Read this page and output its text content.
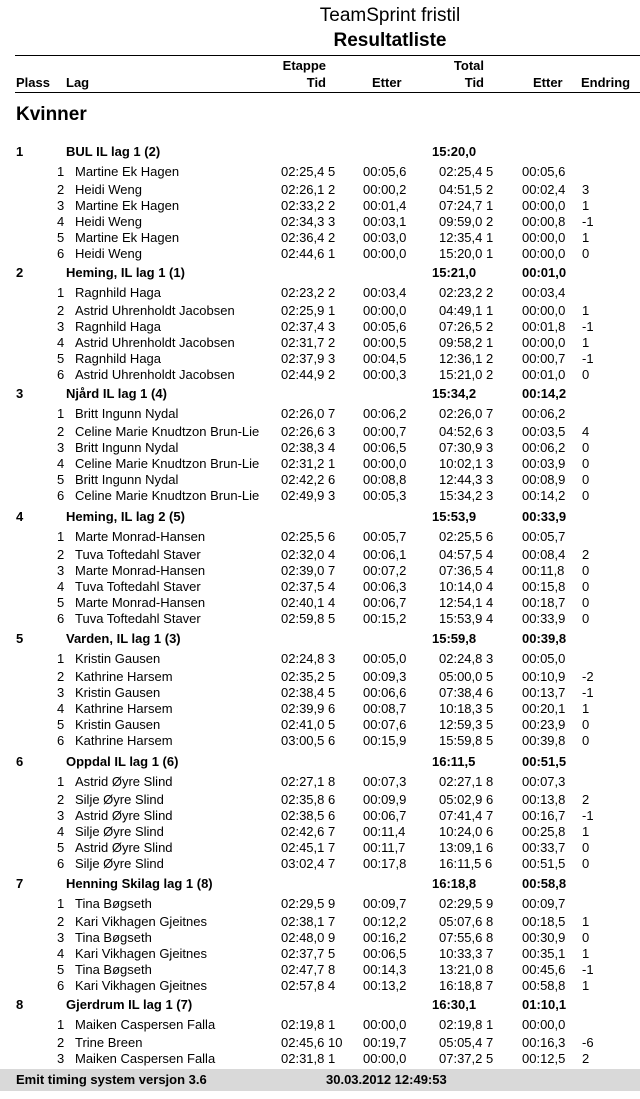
TeamSprint fristil
Resultatliste
Etappe	Total
Plass Lag	Tid	Etter	Tid	Etter Endring
Kvinner
1	BUL IL lag 1 (2)	15:20,0
1 Martine Ek Hagen	02:25,4 5 00:05,6	02:25,4 5 00:05,6
2 Heidi Weng	02:26,1 2 00:00,2	04:51,5 2 00:02,4 3
3 Martine Ek Hagen	02:33,2 2 00:01,4	07:24,7 1 00:00,0 1
4 Heidi Weng	02:34,3 3 00:03,1	09:59,0 2 00:00,8 -1
5 Martine Ek Hagen	02:36,4 2 00:03,0	12:35,4 1 00:00,0 1
6 Heidi Weng	02:44,6 1 00:00,0	15:20,0 1 00:00,0 0
2	Heming, IL lag 1 (1)	15:21,0	00:01,0
1 Ragnhild Haga	02:23,2 2 00:03,4	02:23,2 2 00:03,4
2 Astrid Uhrenholdt Jacobsen	02:25,9 1 00:00,0	04:49,1 1 00:00,0 1
3 Ragnhild Haga	02:37,4 3 00:05,6	07:26,5 2 00:01,8 -1
4 Astrid Uhrenholdt Jacobsen	02:31,7 2 00:00,5	09:58,2 1 00:00,0 1
5 Ragnhild Haga	02:37,9 3 00:04,5	12:36,1 2 00:00,7 -1
6 Astrid Uhrenholdt Jacobsen	02:44,9 2 00:00,3	15:21,0 2 00:01,0 0
3	Njård IL lag 1 (4)	15:34,2	00:14,2
1 Britt Ingunn Nydal	02:26,0 7 00:06,2	02:26,0 7 00:06,2
2 Celine Marie Knudtzon Brun-Lie 02:26,6 3 00:00,7	04:52,6 3 00:03,5 4
3 Britt Ingunn Nydal	02:38,3 4 00:06,5	07:30,9 3 00:06,2 0
4 Celine Marie Knudtzon Brun-Lie 02:31,2 1 00:00,0	10:02,1 3 00:03,9 0
5 Britt Ingunn Nydal	02:42,2 6 00:08,8	12:44,3 3 00:08,9 0
6 Celine Marie Knudtzon Brun-Lie 02:49,9 3 00:05,3	15:34,2 3 00:14,2 0
4	Heming, IL lag 2 (5)	15:53,9	00:33,9
1 Marte Monrad-Hansen	02:25,5 6 00:05,7	02:25,5 6 00:05,7
2 Tuva Toftedahl Staver	02:32,0 4 00:06,1	04:57,5 4 00:08,4 2
3 Marte Monrad-Hansen	02:39,0 7 00:07,2	07:36,5 4 00:11,8 0
4 Tuva Toftedahl Staver	02:37,5 4 00:06,3	10:14,0 4 00:15,8 0
5 Marte Monrad-Hansen	02:40,1 4 00:06,7	12:54,1 4 00:18,7 0
6 Tuva Toftedahl Staver	02:59,8 5 00:15,2	15:53,9 4 00:33,9 0
5	Varden, IL lag 1 (3)	15:59,8	00:39,8
1 Kristin Gausen	02:24,8 3 00:05,0	02:24,8 3 00:05,0
2 Kathrine Harsem	02:35,2 5 00:09,3	05:00,0 5 00:10,9 -2
3 Kristin Gausen	02:38,4 5 00:06,6	07:38,4 6 00:13,7 -1
4 Kathrine Harsem	02:39,9 6 00:08,7	10:18,3 5 00:20,1 1
5 Kristin Gausen	02:41,0 5 00:07,6	12:59,3 5 00:23,9 0
6 Kathrine Harsem	03:00,5 6 00:15,9	15:59,8 5 00:39,8 0
6	Oppdal IL lag 1 (6)	16:11,5	00:51,5
1 Astrid Øyre Slind	02:27,1 8 00:07,3	02:27,1 8 00:07,3
2 Silje Øyre Slind	02:35,8 6 00:09,9	05:02,9 6 00:13,8 2
3 Astrid Øyre Slind	02:38,5 6 00:06,7	07:41,4 7 00:16,7 -1
4 Silje Øyre Slind	02:42,6 7 00:11,4	10:24,0 6 00:25,8 1
5 Astrid Øyre Slind	02:45,1 7 00:11,7	13:09,1 6 00:33,7 0
6 Silje Øyre Slind	03:02,4 7 00:17,8	16:11,5 6 00:51,5 0
7	Henning Skilag lag 1 (8)	16:18,8	00:58,8
1 Tina Bøgseth	02:29,5 9 00:09,7	02:29,5 9 00:09,7
2 Kari Vikhagen Gjeitnes	02:38,1 7 00:12,2	05:07,6 8 00:18,5 1
3 Tina Bøgseth	02:48,0 9 00:16,2	07:55,6 8 00:30,9 0
4 Kari Vikhagen Gjeitnes	02:37,7 5 00:06,5	10:33,3 7 00:35,1 1
5 Tina Bøgseth	02:47,7 8 00:14,3	13:21,0 8 00:45,6 -1
6 Kari Vikhagen Gjeitnes	02:57,8 4 00:13,2	16:18,8 7 00:58,8 1
8	Gjerdrum IL lag 1 (7)	16:30,1	01:10,1
1 Maiken Caspersen Falla	02:19,8 1 00:00,0	02:19,8 1 00:00,0
2 Trine Breen	02:45,6 10 00:19,7	05:05,4 7 00:16,3 -6
3 Maiken Caspersen Falla	02:31,8 1 00:00,0	07:37,2 5 00:12,5 2
Emit timing system versjon 3.6	30.03.2012 12:49:53
